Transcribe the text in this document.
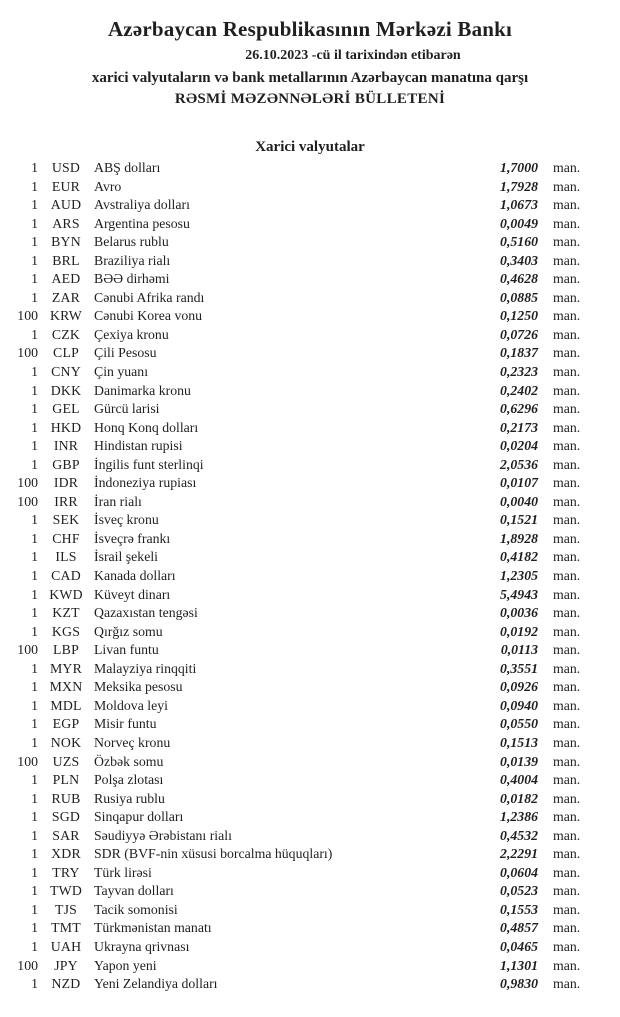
Azərbaycan Respublikasının Mərkəzi Bankı
26.10.2023 -cü il tarixindən etibarən
xarici valyutaların və bank metallarının Azərbaycan manatına qarşı
RƏSMİ MƏZƏNNƏLƏRİ BÜLLETENİ
Xarici valyutalar
1	USD	ABŞ dolları	1,7000 man.
1	EUR	Avro	1,7928 man.
1 AUD Avstraliya dolları	1,0673 man.
1	ARS	Argentina pesosu	0,0049 man.
1 BYN Belarus rublu	0,5160 man.
1	BRL	Braziliya rialı	0,3403 man.
1 AED BƏƏ dirhəmi	0,4628 man.
1	ZAR	Cənubi Afrika randı	0,0885 man.
100 KRW Cənubi Korea vonu	0,1250 man.
1	CZK	Çexiya kronu	0,0726 man.
100	CLP	Çili Pesosu	0,1837 man.
1 CNY Çin yuanı	0,2323 man.
1 DKK Danimarka kronu	0,2402 man.
1	GEL	Gürcü larisi	0,6296 man.
1 HKD Honq Konq dolları	0,2173 man.
1	INR	Hindistan rupisi	0,0204 man.
1	GBP	İngilis funt sterlinqi	2,0536 man.
100	IDR	İndoneziya rupiası	0,0107 man.
100	IRR	İran rialı	0,0040 man.
1	SEK	İsveç kronu	0,1521 man.
1	CHF	İsveçrə frankı	1,8928 man.
1	ILS	İsrail şekeli	0,4182 man.
1 CAD Kanada dolları	1,2305 man.
1 KWD Küveyt dinarı	5,4943 man.
1	KZT	Qazaxıstan tengəsi	0,0036 man.
1	KGS	Qırğız somu	0,0192 man.
100	LBP	Livan funtu	0,0113 man.
1 MYR Malayziya rinqqiti	0,3551 man.
1 MXN Meksika pesosu	0,0926 man.
1 MDL Moldova leyi	0,0940 man.
1	EGP	Misir funtu	0,0550 man.
1 NOK Norveç kronu	0,1513 man.
100	UZS	Özbək somu	0,0139 man.
1	PLN	Polşa zlotası	0,4004 man.
1 RUB Rusiya rublu	0,0182 man.
1	SGD	Sinqapur dolları	1,2386 man.
1	SAR	Səudiyyə Ərəbistanı rialı	0,4532 man.
1 XDR SDR (BVF-nin xüsusi borcalma hüquqları)	2,2291 man.
1	TRY	Türk lirəsi	0,0604 man.
1 TWD Tayvan dolları	0,0523 man.
1	TJS	Tacik somonisi	0,1553 man.
1 TMT Türkmənistan manatı	0,4857 man.
1 UAH Ukrayna qrivnası	0,0465 man.
100	JPY	Yapon yeni	1,1301 man.
1 NZD Yeni Zelandiya dolları	0,9830 man.
